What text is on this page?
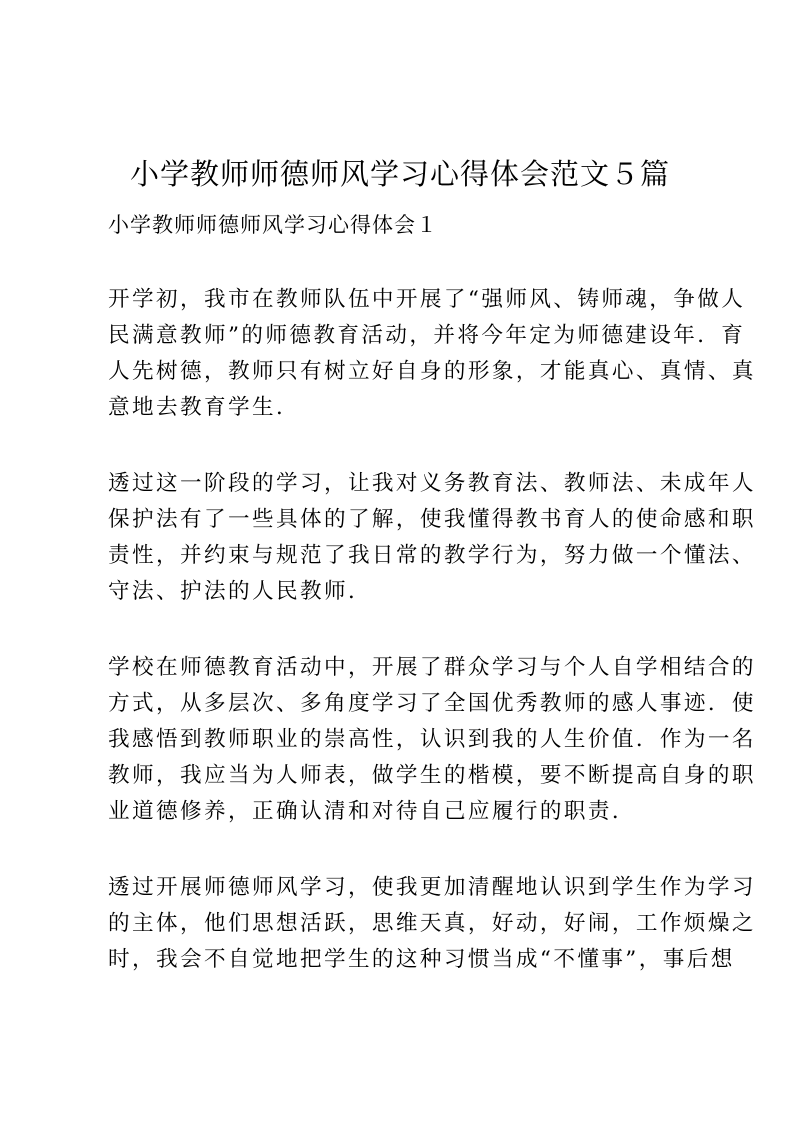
小学教师师德师风学习心得体会范文５篇
小学教师师德师风学习心得体会１
开学初，我市在教师队伍中开展了“强师风、铸师魂，争做人
民满意教师”的师德教育活动，并将今年定为师德建设年．育
人先树德，教师只有树立好自身的形象，才能真心、真情、真
意地去教育学生．
透过这一阶段的学习，让我对义务教育法、教师法、未成年人
保护法有了一些具体的了解，使我懂得教书育人的使命感和职
责性，并约束与规范了我日常的教学行为，努力做一个懂法、
守法、护法的人民教师．
学校在师德教育活动中，开展了群众学习与个人自学相结合的
方式，从多层次、多角度学习了全国优秀教师的感人事迹．使
我感悟到教师职业的崇高性，认识到我的人生价值．作为一名
教师，我应当为人师表，做学生的楷模，要不断提高自身的职
业道德修养，正确认清和对待自己应履行的职责．
透过开展师德师风学习，使我更加清醒地认识到学生作为学习
的主体，他们思想活跃，思维天真，好动，好闹，工作烦燥之
时，我会不自觉地把学生的这种习惯当成“不懂事”，事后想
